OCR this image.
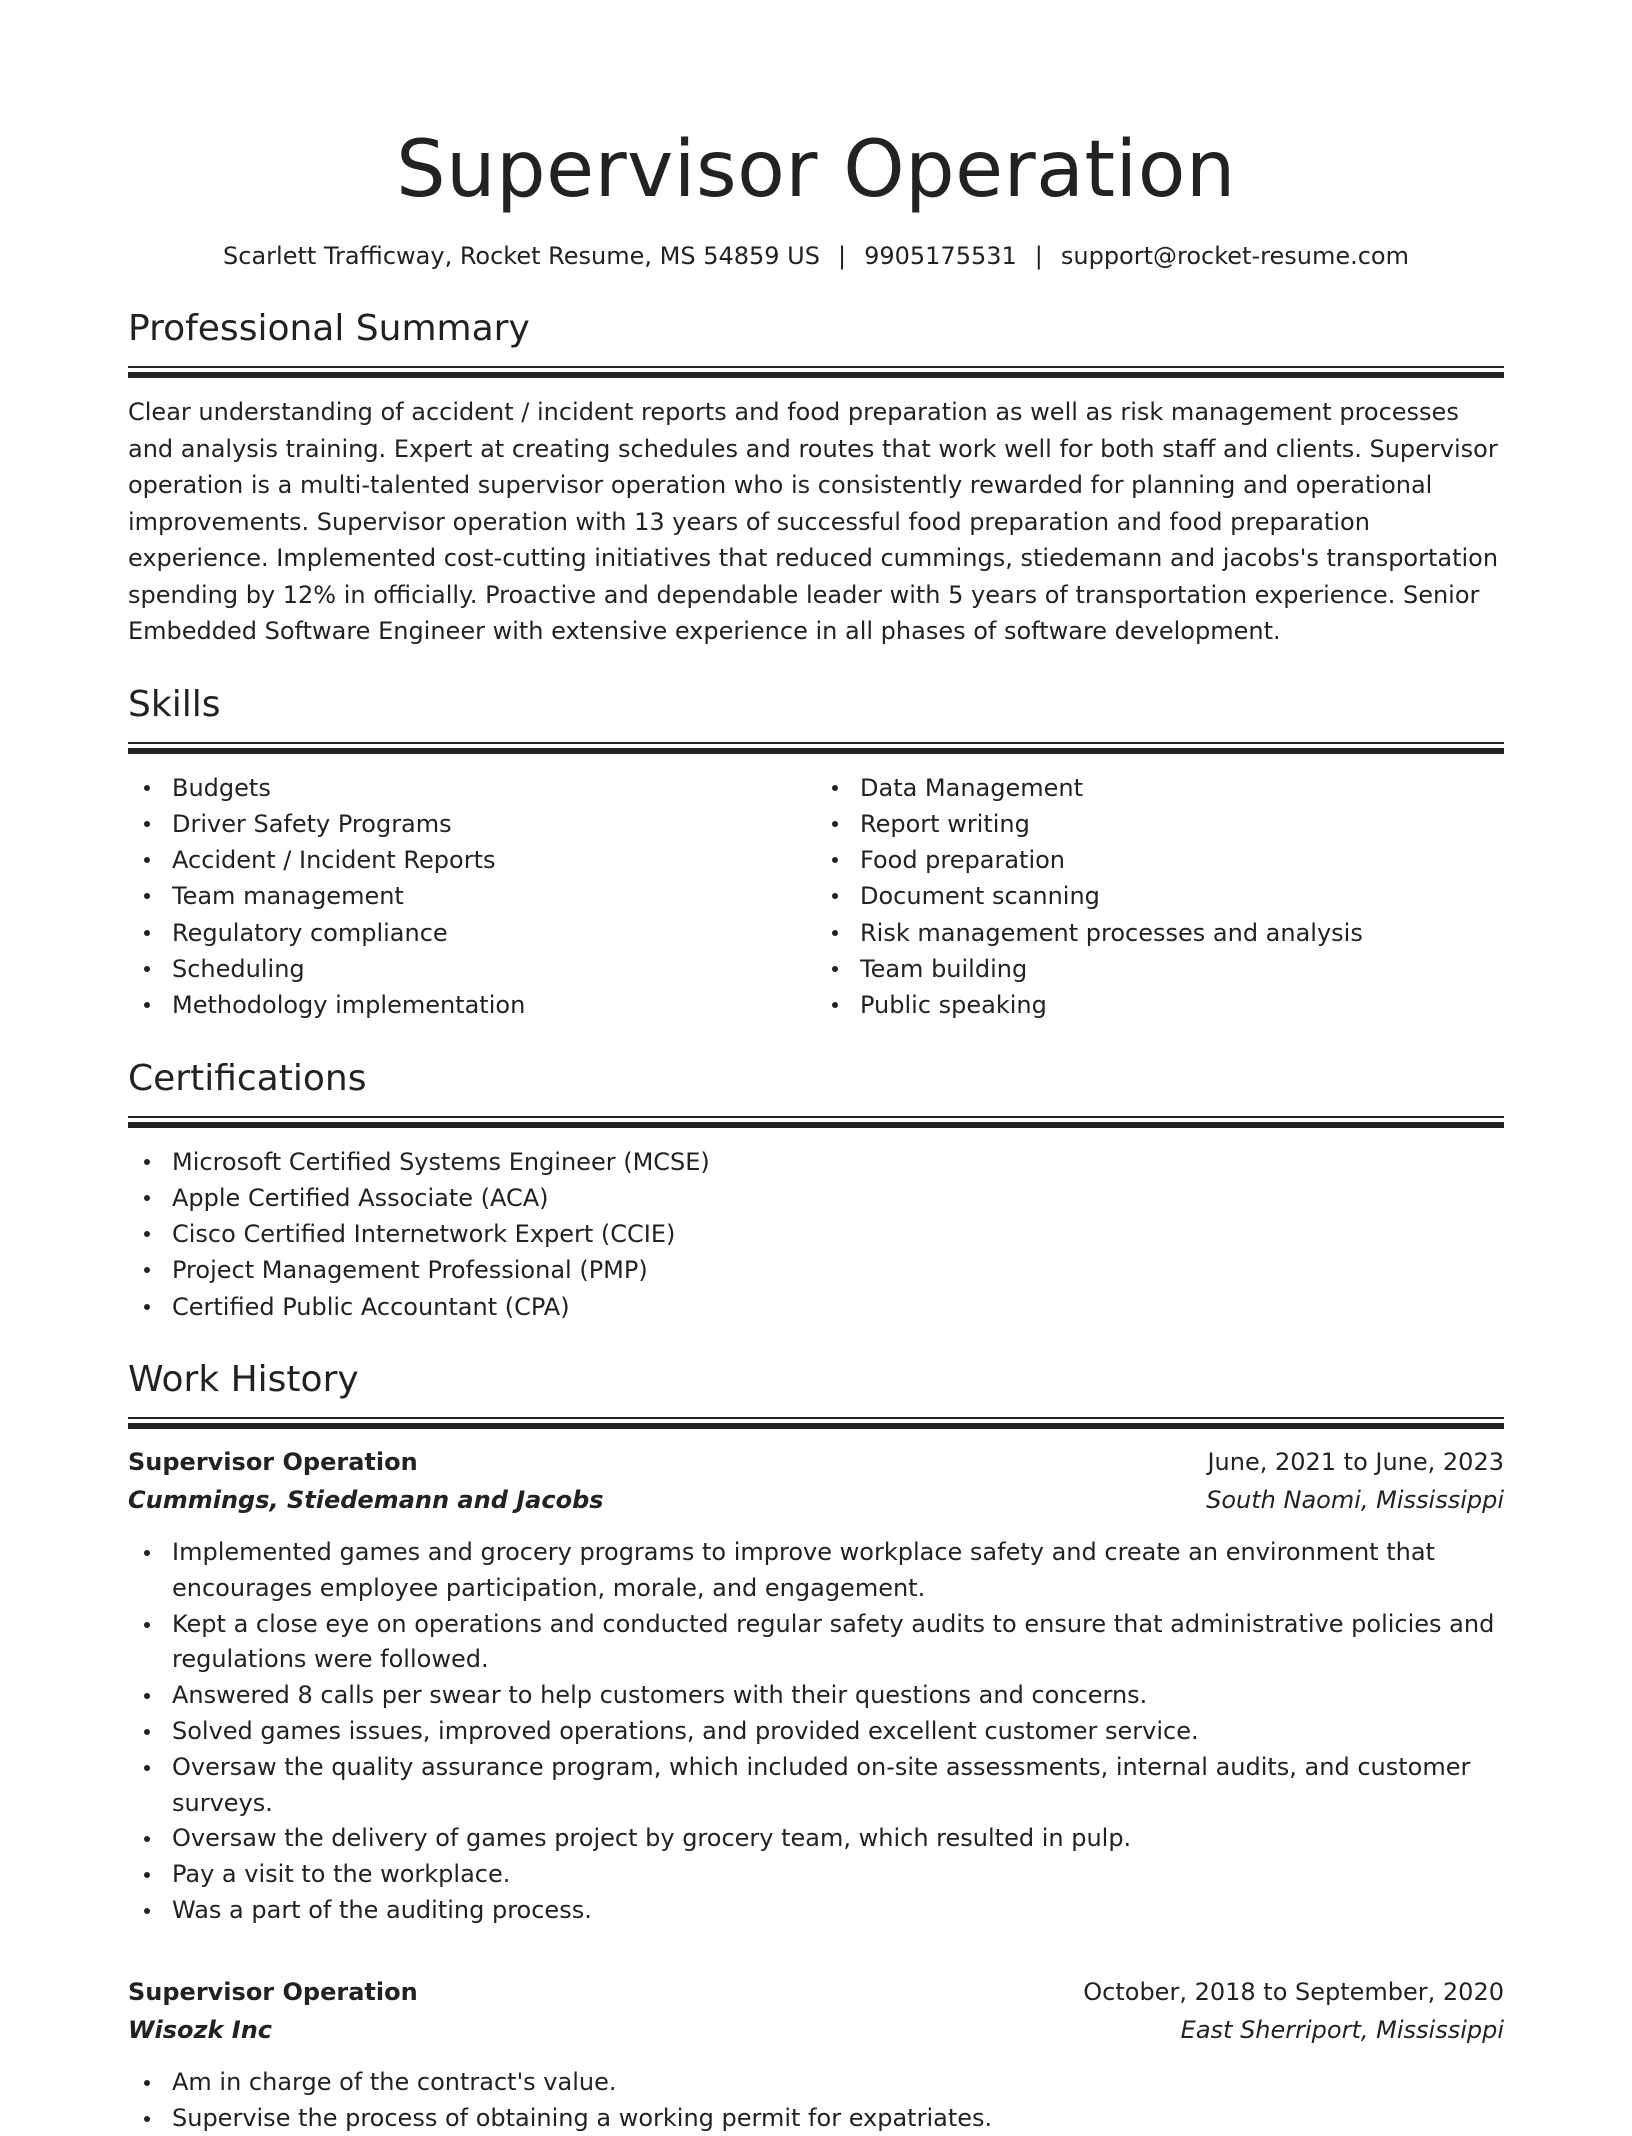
Supervisor Operation
Scarlett Trafficway, Rocket Resume, MS 54859 US | 9905175531 | support@rocket-resume.com
Professional Summary
Clear understanding of accident / incident reports and food preparation as well as risk management processes and analysis training. Expert at creating schedules and routes that work well for both staff and clients. Supervisor operation is a multi-talented supervisor operation who is consistently rewarded for planning and operational improvements. Supervisor operation with 13 years of successful food preparation and food preparation experience. Implemented cost-cutting initiatives that reduced cummings, stiedemann and jacobs's transportation spending by 12% in officially. Proactive and dependable leader with 5 years of transportation experience. Senior Embedded Software Engineer with extensive experience in all phases of software development.
Skills
Budgets
Driver Safety Programs
Accident / Incident Reports
Team management
Regulatory compliance
Scheduling
Methodology implementation
Data Management
Report writing
Food preparation
Document scanning
Risk management processes and analysis
Team building
Public speaking
Certifications
Microsoft Certified Systems Engineer (MCSE)
Apple Certified Associate (ACA)
Cisco Certified Internetwork Expert (CCIE)
Project Management Professional (PMP)
Certified Public Accountant (CPA)
Work History
Supervisor Operation	June, 2021 to June, 2023
Cummings, Stiedemann and Jacobs	South Naomi, Mississippi
Implemented games and grocery programs to improve workplace safety and create an environment that encourages employee participation, morale, and engagement.
Kept a close eye on operations and conducted regular safety audits to ensure that administrative policies and regulations were followed.
Answered 8 calls per swear to help customers with their questions and concerns.
Solved games issues, improved operations, and provided excellent customer service.
Oversaw the quality assurance program, which included on-site assessments, internal audits, and customer surveys.
Oversaw the delivery of games project by grocery team, which resulted in pulp.
Pay a visit to the workplace.
Was a part of the auditing process.
Supervisor Operation	October, 2018 to September, 2020
Wisozk Inc	East Sherriport, Mississippi
Am in charge of the contract's value.
Supervise the process of obtaining a working permit for expatriates.
